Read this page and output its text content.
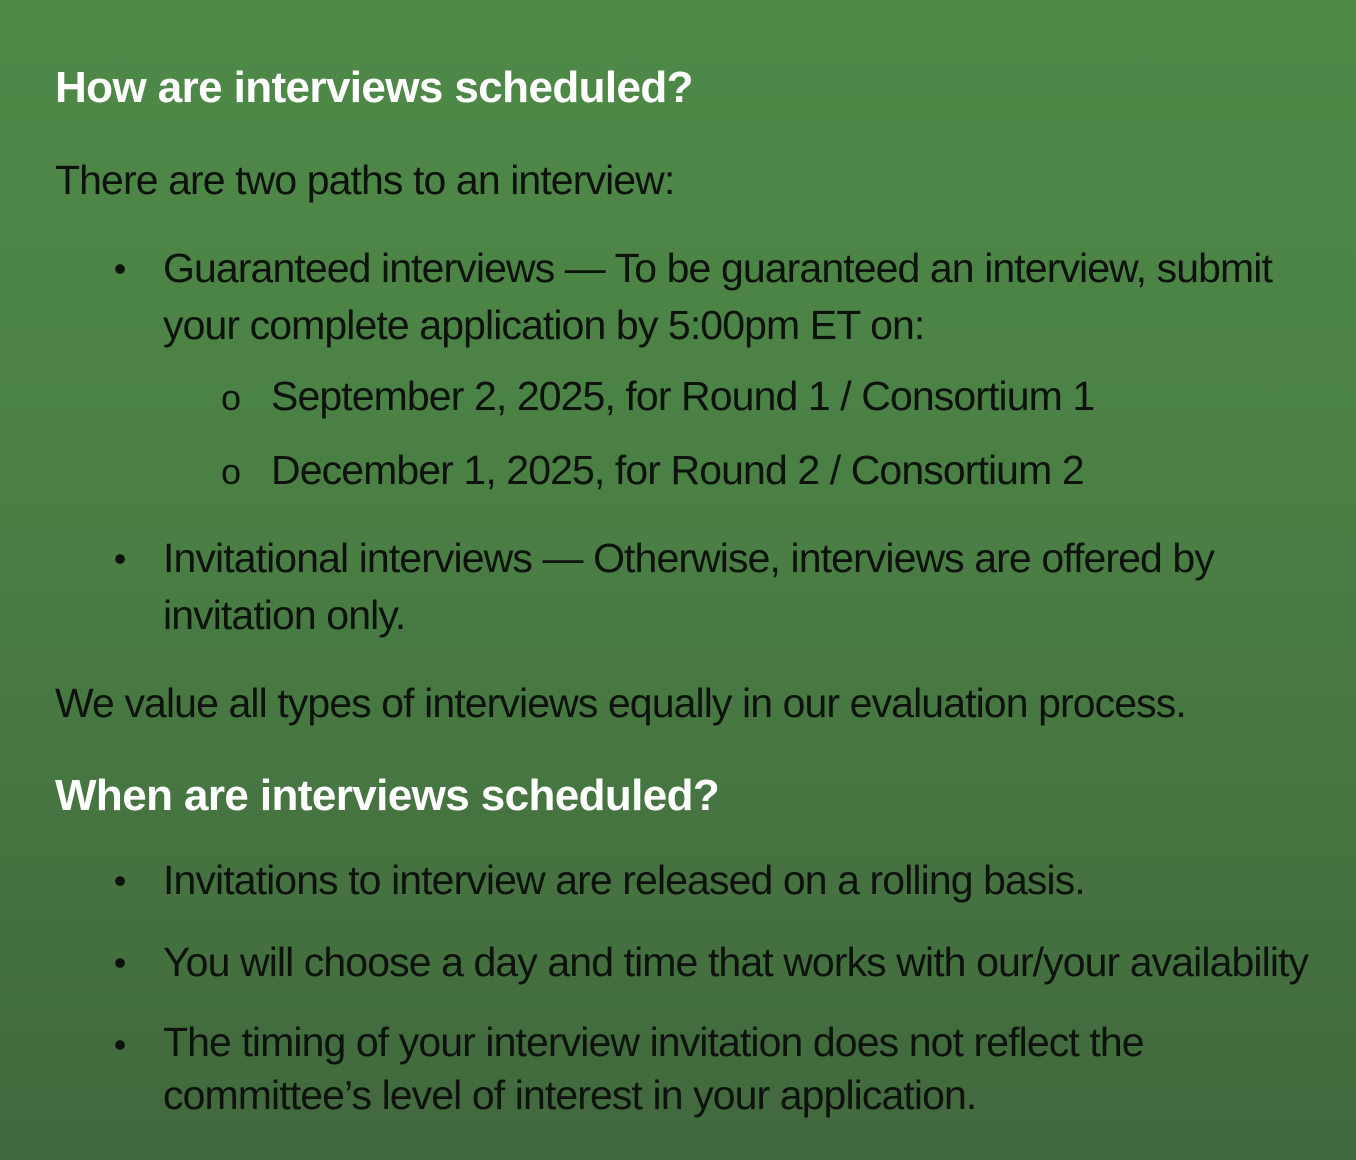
How are interviews scheduled?

There are two paths to an interview:

• Guaranteed interviews — To be guaranteed an interview, submit your complete application by 5:00pm ET on:

o September 2, 2025, for Round 1 / Consortium 1

o December 1, 2025, for Round 2 / Consortium 2

• Invitational interviews — Otherwise, interviews are offered by invitation only.

We value all types of interviews equally in our evaluation process.

When are interviews scheduled?
• Invitations to interview are released on a rolling basis.

• You will choose a day and time that works with our/your availability

• The timing of your interview invitation does not reflect the committee’s level of interest in your application.
